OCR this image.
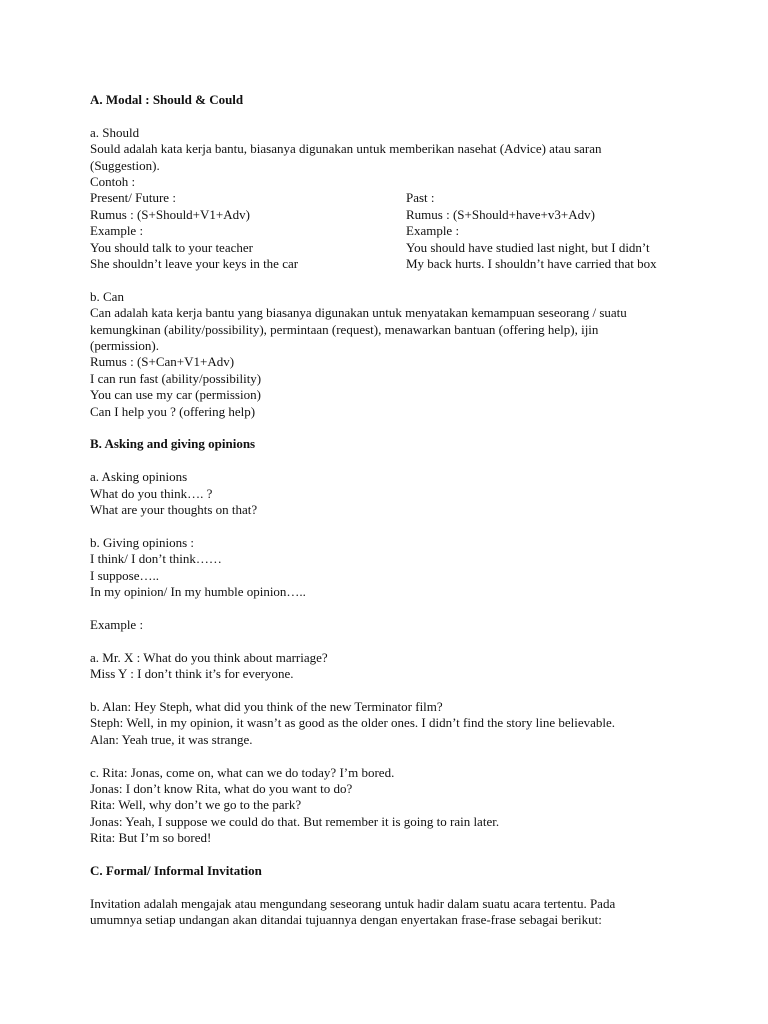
A. Modal : Should & Could
a. Should
Sould adalah kata kerja bantu, biasanya digunakan untuk memberikan nasehat (Advice) atau saran
(Suggestion).
Contoh :
Present/ Future :
Rumus : (S+Should+V1+Adv)
Example :
You should talk to your teacher
She shouldn’t leave your keys in the car
Past :
Rumus : (S+Should+have+v3+Adv)
Example :
You should have studied last night, but I didn’t
My back hurts. I shouldn’t have carried that box
b. Can
Can adalah kata kerja bantu yang biasanya digunakan untuk menyatakan kemampuan seseorang / suatu
kemungkinan (ability/possibility), permintaan (request), menawarkan bantuan (offering help), ijin
(permission).
Rumus : (S+Can+V1+Adv)
I can run fast (ability/possibility)
You can use my car (permission)
Can I help you ? (offering help)
B. Asking and giving opinions
a. Asking opinions
What do you think…. ?
What are your thoughts on that?
b. Giving opinions :
I think/ I don’t think……
I suppose…..
In my opinion/ In my humble opinion…..
Example :
a. Mr. X : What do you think about marriage?
Miss Y : I don’t think it’s for everyone.
b. Alan: Hey Steph, what did you think of the new Terminator film?
Steph: Well, in my opinion, it wasn’t as good as the older ones. I didn’t find the story line believable.
Alan: Yeah true, it was strange.
c. Rita: Jonas, come on, what can we do today? I’m bored.
Jonas: I don’t know Rita, what do you want to do?
Rita: Well, why don’t we go to the park?
Jonas: Yeah, I suppose we could do that. But remember it is going to rain later.
Rita: But I’m so bored!
C. Formal/ Informal Invitation
Invitation adalah mengajak atau mengundang seseorang untuk hadir dalam suatu acara tertentu. Pada
umumnya setiap undangan akan ditandai tujuannya dengan enyertakan frase-frase sebagai berikut:
